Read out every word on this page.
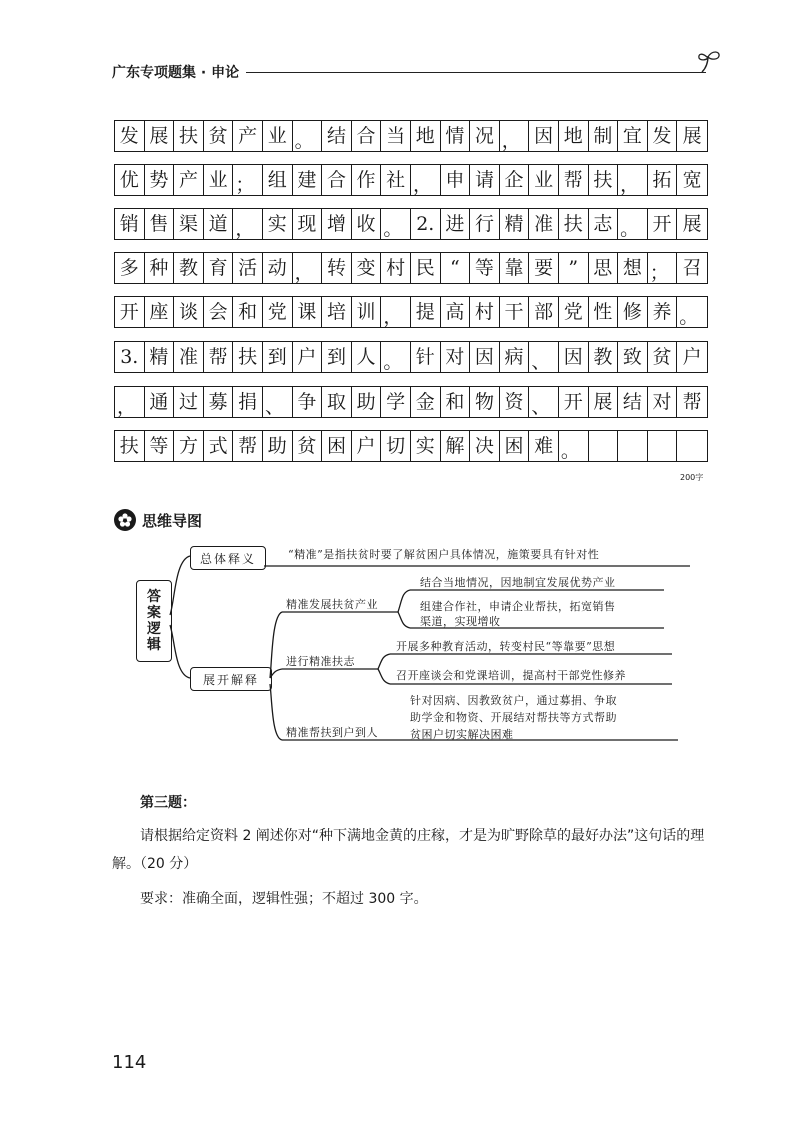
广东专项题集 · 申论
发 展 扶 贫 产 业 。 结 合 当 地 情 况 ， 因 地 制 宜 发 展
优 势 产 业 ； 组 建 合 作 社 ， 申 请 企 业 帮 扶 ， 拓 宽
销 售 渠 道 ， 实 现 增 收 。 2. 进 行 精 准 扶 志 。 开 展
多 种 教 育 活 动 ， 转 变 村 民 “ 等 靠 要 ” 思 想 ； 召
开 座 谈 会 和 党 课 培 训 ， 提 高 村 干 部 党 性 修 养 。
3. 精 准 帮 扶 到 户 到 人 。 针 对 因 病 、 因 教 致 贫 户
， 通 过 募 捐 、 争 取 助 学 金 和 物 资 、 开 展 结 对 帮
扶 等 方 式 帮 助 贫 困 户 切 实 解 决 困 难 。
200字
思维导图
答
案
逻
辑
总体释义	“精准”是指扶贫时要了解贫困户具体情况，施策要具有针对性
展开解释
精准发展扶贫产业
结合当地情况，因地制宜发展优势产业
组建合作社，申请企业帮扶，拓宽销售
渠道，实现增收
进行精准扶志
开展多种教育活动，转变村民“等靠要”思想
召开座谈会和党课培训，提高村干部党性修养
精准帮扶到户到人
针对因病、因教致贫户，通过募捐、争取
助学金和物资、开展结对帮扶等方式帮助
贫困户切实解决困难
第三题：
请根据给定资料 2 阐述你对“种下满地金黄的庄稼，才是为旷野除草的最好办法”这句话的理解。（20 分）
要求：准确全面，逻辑性强；不超过 300 字。
114
